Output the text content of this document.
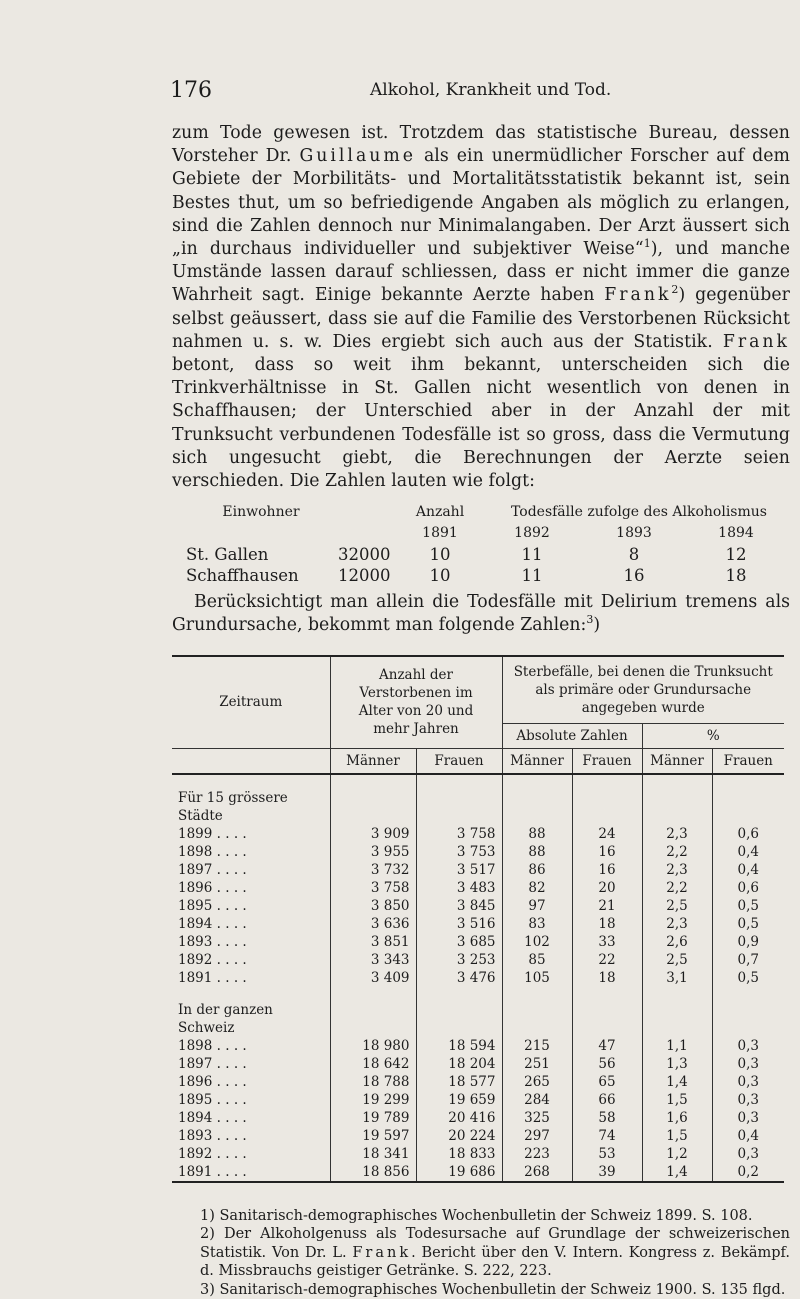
176	Alkohol, Krankheit und Tod.

zum Tode gewesen ist. Trotzdem das statistische Bureau, dessen Vorsteher Dr. Guillaume als ein unermüdlicher Forscher auf dem Gebiete der Morbilitäts- und Mortalitätsstatistik bekannt ist, sein Bestes thut, um so befriedigende Angaben als möglich zu erlangen, sind die Zahlen dennoch nur Minimalangaben. Der Arzt äussert sich „in durchaus individueller und subjektiver Weise“$^1$), und manche Umstände lassen darauf schliessen, dass er nicht immer die ganze Wahrheit sagt. Einige bekannte Aerzte haben Frank$^2$) gegenüber selbst geäussert, dass sie auf die Familie des Verstorbenen Rücksicht nahmen u. s. w. Dies ergiebt sich auch aus der Statistik. Frank betont, dass so weit ihm bekannt, unterscheiden sich die Trinkverhältnisse in St. Gallen nicht wesentlich von denen in Schaffhausen; der Unterschied aber in der Anzahl der mit Trunksucht verbundenen Todesfälle ist so gross, dass die Vermutung sich ungesucht giebt, die Berechnungen der Aerzte seien verschieden. Die Zahlen lauten wie folgt:

Einwohner		Anzahl	Todesfälle zufolge des Alkoholismus		
		1891	1892	1893	1894
St. Gallen	32000	10	11	8	12
Schaffhausen	12000	10	11	16	18

Berücksichtigt man allein die Todesfälle mit Delirium tremens als Grundursache, bekommt man folgende Zahlen:$^3$)

Zeitraum	Anzahl der Verstorbenen im Alter von 20 und mehr Jahren		Sterbefälle, bei denen die Trunksucht als primäre oder Grundursache angegeben wurde			
			Absolute Zahlen		%	
	Männer	Frauen	Männer	Frauen	Männer	Frauen
Für 15 grössere Städte						
1899 . . . .	3 909	3 758	88	24	2,3	0,6
1898 . . . .	3 955	3 753	88	16	2,2	0,4
1897 . . . .	3 732	3 517	86	16	2,3	0,4
1896 . . . .	3 758	3 483	82	20	2,2	0,6
1895 . . . .	3 850	3 845	97	21	2,5	0,5
1894 . . . .	3 636	3 516	83	18	2,3	0,5
1893 . . . .	3 851	3 685	102	33	2,6	0,9
1892 . . . .	3 343	3 253	85	22	2,5	0,7
1891 . . . .	3 409	3 476	105	18	3,1	0,5
In der ganzen Schweiz						
1898 . . . .	18 980	18 594	215	47	1,1	0,3
1897 . . . .	18 642	18 204	251	56	1,3	0,3
1896 . . . .	18 788	18 577	265	65	1,4	0,3
1895 . . . .	19 299	19 659	284	66	1,5	0,3
1894 . . . .	19 789	20 416	325	58	1,6	0,3
1893 . . . .	19 597	20 224	297	74	1,5	0,4
1892 . . . .	18 341	18 833	223	53	1,2	0,3
1891 . . . .	18 856	19 686	268	39	1,4	0,2

1) Sanitarisch-demographisches Wochenbulletin der Schweiz 1899. S. 108.

2) Der Alkoholgenuss als Todesursache auf Grundlage der schweizerischen Statistik. Von Dr. L. Frank. Bericht über den V. Intern. Kongress z. Bekämpf. d. Missbrauchs geistiger Getränke. S. 222, 223.

3) Sanitarisch-demographisches Wochenbulletin der Schweiz 1900. S. 135 flgd.
